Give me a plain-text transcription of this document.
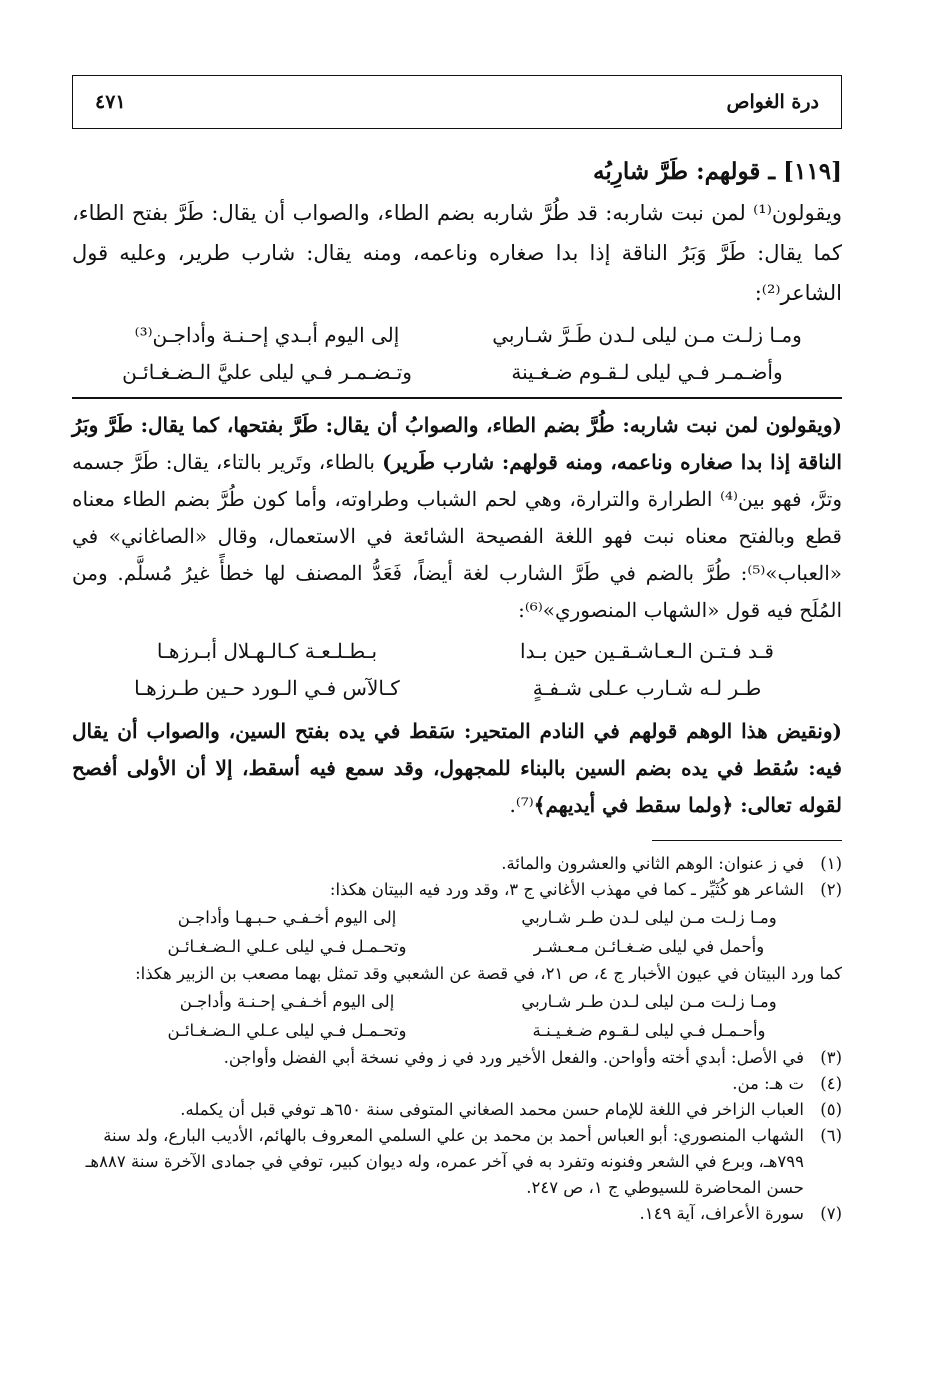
درة الغواص
٤٧١
[١١٩] ـ قولهم: طَرَّ شارِبُه

ويقولون⁽¹⁾ لمن نبت شاربه: قد طُرَّ شاربه بضم الطاء، والصواب أن يقال: طَرَّ بفتح الطاء، كما يقال: طَرَّ وَبَرُ الناقة إذا بدا صغاره وناعمه، ومنه يقال: شارب طرير، وعليه قول الشاعر⁽²⁾:

ومـا زلـت مـن ليلى لـدن طَـرَّ شـاربي
إلى اليوم أبـدي إحـنـة وأداجـن⁽³⁾
وأضـمـر فـي ليلى لـقـوم ضـغـينة
وتـضـمـر فـي ليلى عليَّ الـضـغـائـن

(ويقولون لمن نبت شاربه: طُرَّ بضم الطاء، والصوابُ أن يقال: طَرَّ بفتحها، كما يقال: طَرَّ وبَرُ الناقة إذا بدا صغاره وناعمه، ومنه قولهم: شارب طَرير) بالطاء، وتَرير بالتاء، يقال: طَرَّ جسمه وترَّ، فهو بين⁽⁴⁾ الطرارة والترارة، وهي لحم الشباب وطراوته، وأما كون طُرَّ بضم الطاء معناه قطع وبالفتح معناه نبت فهو اللغة الفصيحة الشائعة في الاستعمال، وقال «الصاغاني» في «العباب»⁽⁵⁾: طُرَّ بالضم في طَرَّ الشارب لغة أيضاً، فَعَدُّ المصنف لها خطأً غيرُ مُسلَّم. ومن المُلَح فيه قول «الشهاب المنصوري»⁽⁶⁾:

قـد فـتـن الـعـاشـقـين حين بـدا
بـطـلـعـة كـالـهـلال أبـرزهـا
طـر لـه شـارب عـلى شـفـةٍ
كـالآس فـي الـورد حـين طـرزهـا

(ونقيض هذا الوهم قولهم في النادم المتحير: سَقط في يده بفتح السين، والصواب أن يقال فيه: سُقط في يده بضم السين بالبناء للمجهول، وقد سمع فيه أسقط، إلا أن الأولى أفصح لقوله تعالى: ﴿ولما سقط في أيديهم﴾⁽⁷⁾.

(١)
في ز عنوان: الوهم الثاني والعشرون والمائة.
(٢)
الشاعر هو كُثَيِّر ـ كما في مهذب الأغاني ج ٣، وقد ورد فيه البيتان هكذا:
ومـا زلـت مـن ليلى لـدن طـر شـاربي
إلى اليوم أخـفـي حـبـهـا وأداجـن
وأحمل في ليلى ضـغـائـن مـعـشـر
وتحـمـل فـي ليلى عـلي الـضـغـائـن
كما ورد البيتان في عيون الأخبار ج ٤، ص ٢١، في قصة عن الشعبي وقد تمثل بهما مصعب بن الزبير هكذا:
ومـا زلـت مـن ليلى لـدن طـر شـاربي
إلى اليوم أخـفـي إحـنـة وأداجـن
وأحـمـل فـي ليلى لـقـوم ضـغـيـنـة
وتحـمـل فـي ليلى عـلي الـضـغـائـن
(٣)
في الأصل: أبدي أخته وأواحن. والفعل الأخير ورد في ز وفي نسخة أبي الفضل وأواجن.
(٤)
ت هـ: من.
(٥)
العباب الزاخر في اللغة للإمام حسن محمد الصغاني المتوفى سنة ٦٥٠هـ توفي قبل أن يكمله.
(٦)
الشهاب المنصوري: أبو العباس أحمد بن محمد بن علي السلمي المعروف بالهائم، الأديب البارع، ولد سنة ٧٩٩هـ، وبرع في الشعر وفنونه وتفرد به في آخر عمره، وله ديوان كبير، توفي في جمادى الآخرة سنة ٨٨٧هـ حسن المحاضرة للسيوطي ج ١، ص ٢٤٧.
(٧)
سورة الأعراف، آية ١٤٩.
